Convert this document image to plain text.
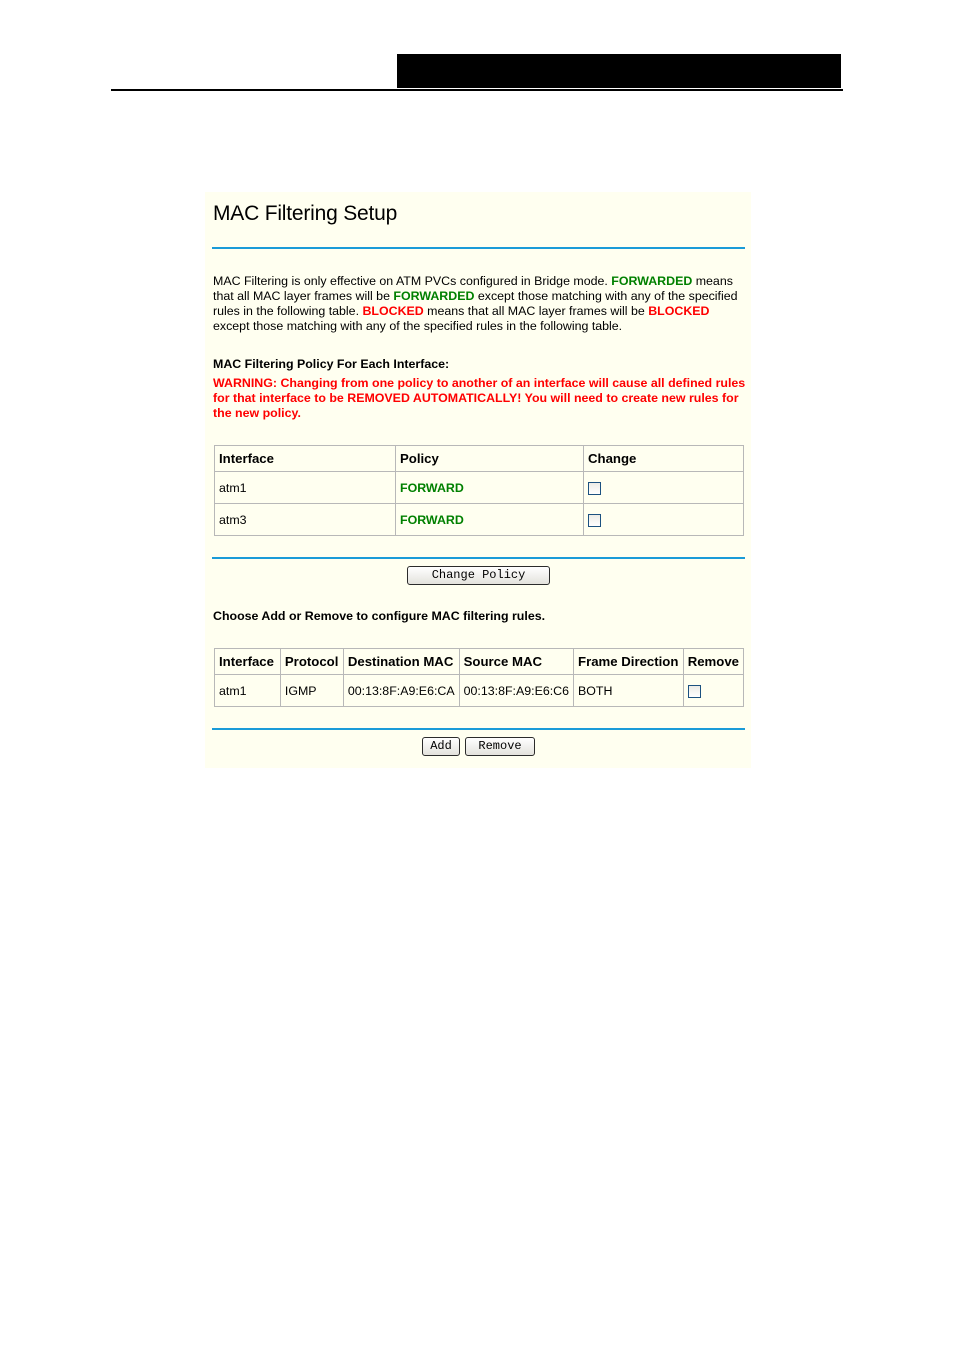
MAC Filtering Setup
MAC Filtering is only effective on ATM PVCs configured in Bridge mode. FORWARDED means that all MAC layer frames will be FORWARDED except those matching with any of the specified rules in the following table. BLOCKED means that all MAC layer frames will be BLOCKED except those matching with any of the specified rules in the following table.
MAC Filtering Policy For Each Interface:
WARNING: Changing from one policy to another of an interface will cause all defined rules for that interface to be REMOVED AUTOMATICALLY! You will need to create new rules for the new policy.
Interface	Policy	Change
atm1	FORWARD	
atm3	FORWARD	
Change Policy
Choose Add or Remove to configure MAC filtering rules.
Interface	Protocol	Destination MAC	Source MAC	Frame Direction	Remove
atm1	IGMP	00:13:8F:A9:E6:CA	00:13:8F:A9:E6:C6	BOTH	
Add	Remove
